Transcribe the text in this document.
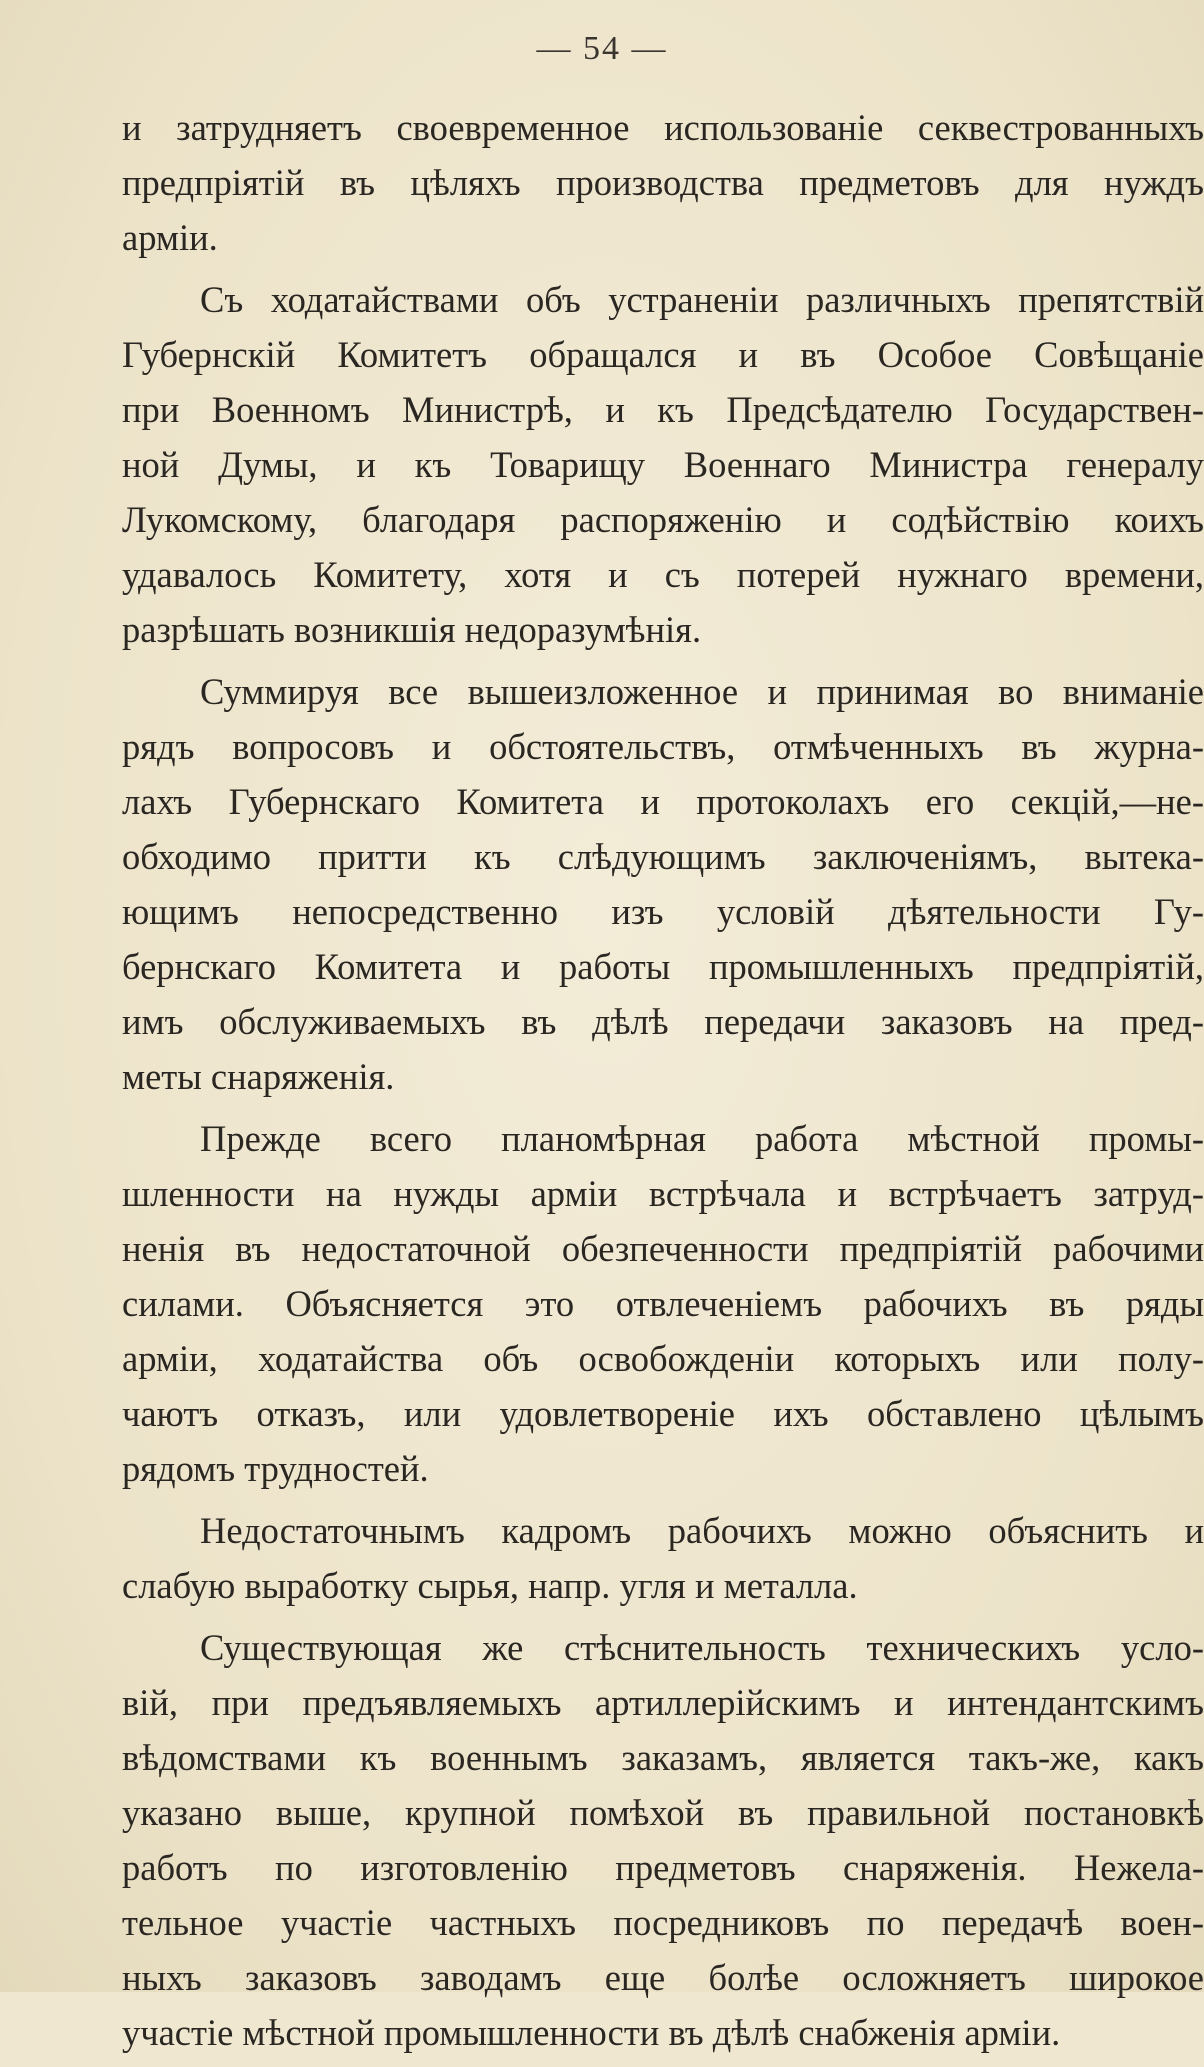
— 54 —
и затрудняетъ своевременное использованіе секвестрованныхъ
предпріятій въ цѣляхъ производства предметовъ для нуждъ
арміи.
Съ ходатайствами объ устраненіи различныхъ препятствій
Губернскій Комитетъ обращался и въ Особое Совѣщаніе
при Военномъ Министрѣ, и къ Предсѣдателю Государствен-
ной Думы, и къ Товарищу Военнаго Министра генералу
Лукомскому, благодаря распоряженію и содѣйствію коихъ
удавалось Комитету, хотя и съ потерей нужнаго времени,
разрѣшать возникшія недоразумѣнія.
Суммируя все вышеизложенное и принимая во вниманіе
рядъ вопросовъ и обстоятельствъ, отмѣченныхъ въ журна-
лахъ Губернскаго Комитета и протоколахъ его секцій,—не-
обходимо притти къ слѣдующимъ заключеніямъ, вытека-
ющимъ непосредственно изъ условій дѣятельности Гу-
бернскаго Комитета и работы промышленныхъ предпріятій,
имъ обслуживаемыхъ въ дѣлѣ передачи заказовъ на пред-
меты снаряженія.
Прежде всего планомѣрная работа мѣстной промы-
шленности на нужды арміи встрѣчала и встрѣчаетъ затруд-
ненія въ недостаточной обезпеченности предпріятій рабочими
силами. Объясняется это отвлеченіемъ рабочихъ въ ряды
арміи, ходатайства объ освобожденіи которыхъ или полу-
чаютъ отказъ, или удовлетвореніе ихъ обставлено цѣлымъ
рядомъ трудностей.
Недостаточнымъ кадромъ рабочихъ можно объяснить и
слабую выработку сырья, напр. угля и металла.
Существующая же стѣснительность техническихъ усло-
вій, при предъявляемыхъ артиллерійскимъ и интендантскимъ
вѣдомствами къ военнымъ заказамъ, является такъ-же, какъ
указано выше, крупной помѣхой въ правильной постановкѣ
работъ по изготовленію предметовъ снаряженія. Нежела-
тельное участіе частныхъ посредниковъ по передачѣ воен-
ныхъ заказовъ заводамъ еще болѣе осложняетъ широкое
участіе мѣстной промышленности въ дѣлѣ снабженія арміи.
